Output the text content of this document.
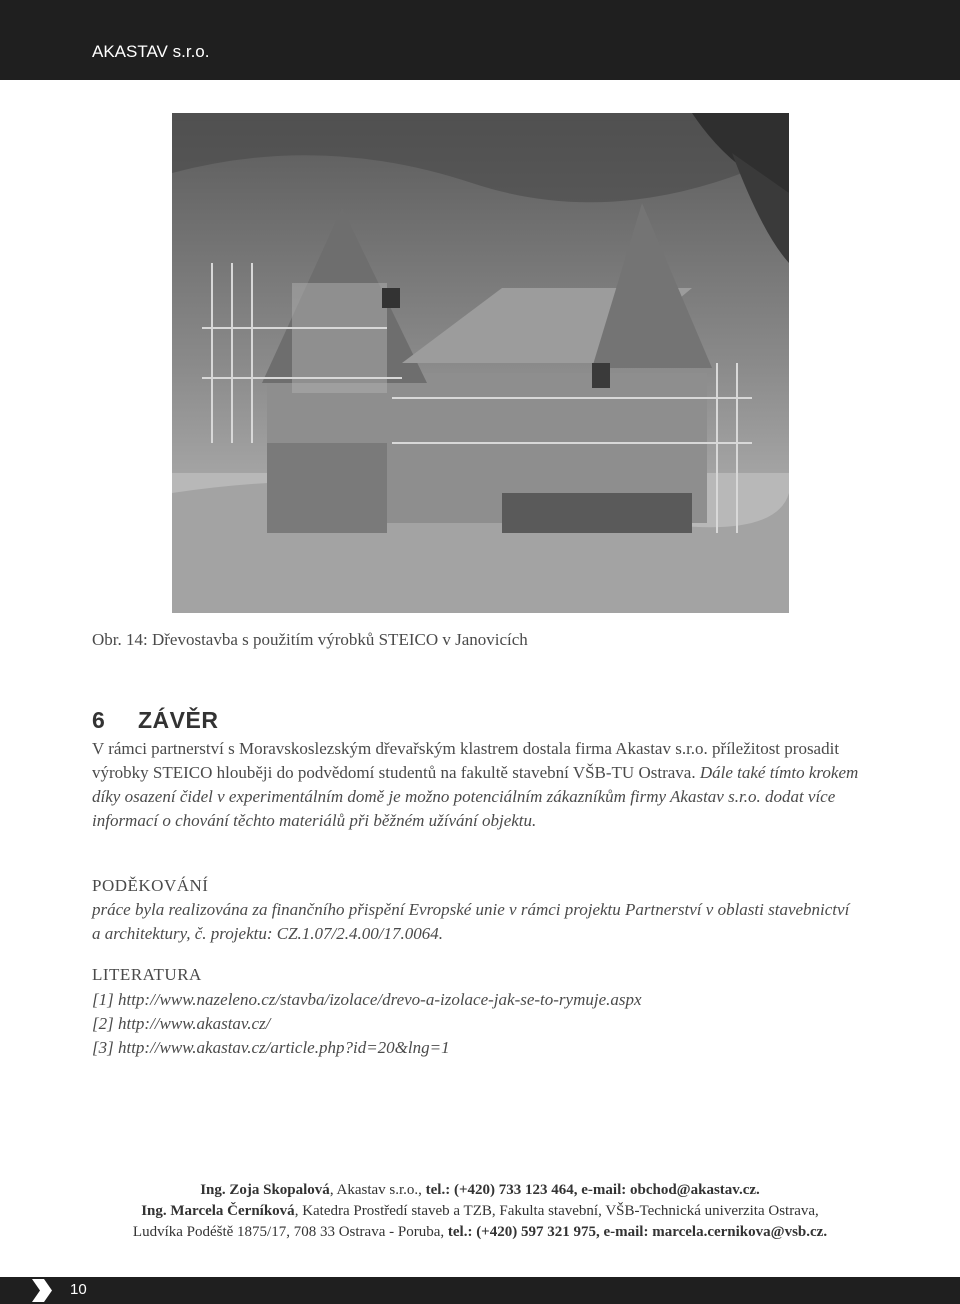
AKASTAV s.r.o.
Obr. 14: Dřevostavba s použitím výrobků STEICO v Janovicích
6 ZÁVĚR
V rámci partnerství s Moravskoslezským dřevařským klastrem dostala firma Akastav s.r.o. příležitost prosadit
výrobky STEICO hlouběji do podvědomí studentů na fakultě stavební VŠB-TU Ostrava. Dále také tímto krokem
díky osazení čidel v experimentálním domě je možno potenciálním zákazníkům firmy Akastav s.r.o. dodat více
informací o chování těchto materiálů při běžném užívání objektu.
PODĚKOVÁNÍ
práce byla realizována za finančního přispění Evropské unie v rámci projektu Partnerství v oblasti stavebnictví
a architektury, č. projektu: CZ.1.07/2.4.00/17.0064.
LITERATURA
[1] http://www.nazeleno.cz/stavba/izolace/drevo-a-izolace-jak-se-to-rymuje.aspx
[2] http://www.akastav.cz/
[3] http://www.akastav.cz/article.php?id=20&lng=1
Ing. Zoja Skopalová, Akastav s.r.o., tel.: (+420) 733 123 464, e-mail: obchod@akastav.cz.
Ing. Marcela Černíková, Katedra Prostředí staveb a TZB, Fakulta stavební, VŠB-Technická univerzita Ostrava,
Ludvíka Podéště 1875/17, 708 33 Ostrava - Poruba, tel.: (+420) 597 321 975, e-mail: marcela.cernikova@vsb.cz.
10
